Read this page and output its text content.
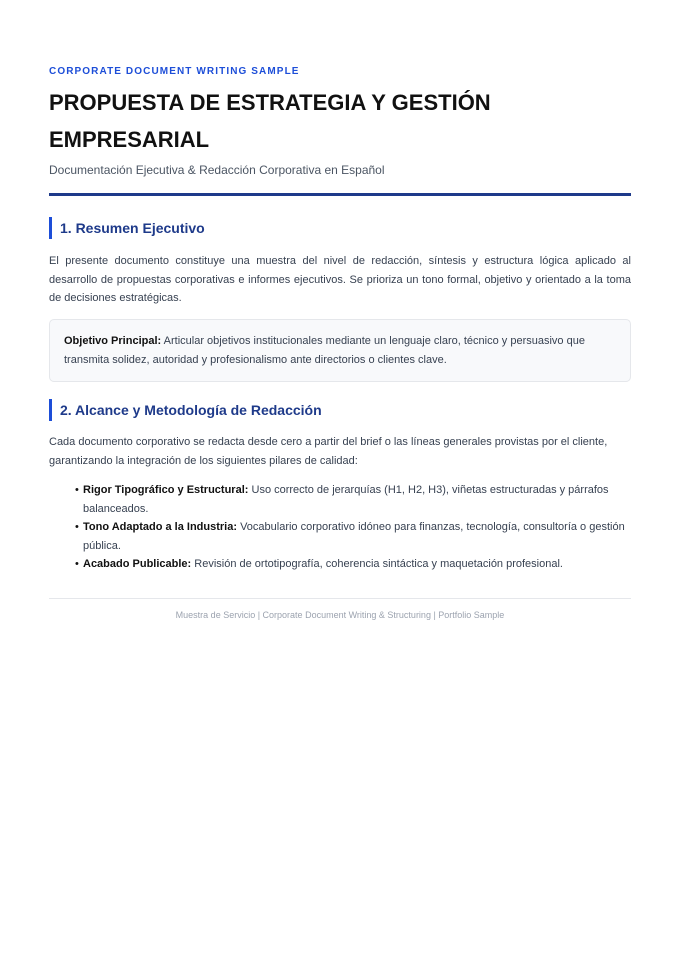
CORPORATE DOCUMENT WRITING SAMPLE
PROPUESTA DE ESTRATEGIA Y GESTIÓN EMPRESARIAL
Documentación Ejecutiva & Redacción Corporativa en Español
1. Resumen Ejecutivo

El presente documento constituye una muestra del nivel de redacción, síntesis y estructura lógica aplicado al desarrollo de propuestas corporativas e informes ejecutivos. Se prioriza un tono formal, objetivo y orientado a la toma de decisiones estratégicas.

Objetivo Principal: Articular objetivos institucionales mediante un lenguaje claro, técnico y persuasivo que transmita solidez, autoridad y profesionalismo ante directorios o clientes clave.
2. Alcance y Metodología de Redacción

Cada documento corporativo se redacta desde cero a partir del brief o las líneas generales provistas por el cliente, garantizando la integración de los siguientes pilares de calidad:

• Rigor Tipográfico y Estructural: Uso correcto de jerarquías (H1, H2, H3), viñetas estructuradas y párrafos balanceados.
• Tono Adaptado a la Industria: Vocabulario corporativo idóneo para finanzas, tecnología, consultoría o gestión pública.
• Acabado Publicable: Revisión de ortotipografía, coherencia sintáctica y maquetación profesional.
Muestra de Servicio | Corporate Document Writing & Structuring | Portfolio Sample
